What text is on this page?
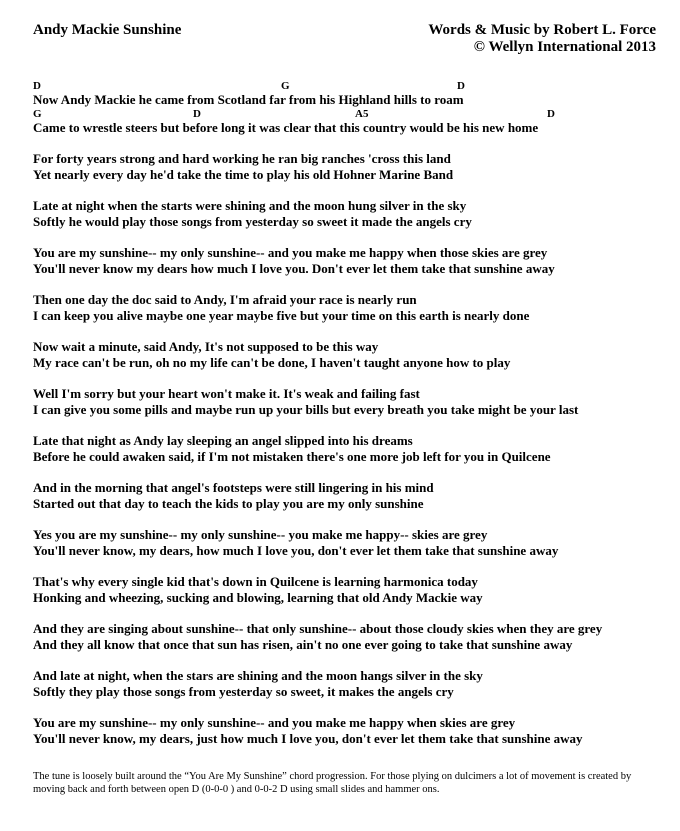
Andy Mackie Sunshine	Words & Music by Robert L. Force
© Wellyn International 2013
D	G	D
Now Andy Mackie he came from Scotland far from his Highland hills to roam
G	D	A5	D
Came to wrestle steers but before long it was clear that this country would be his new home
For forty years strong and hard working he ran big ranches 'cross this land
Yet nearly every day he'd take the time to play his old Hohner Marine Band
Late at night when the starts were shining and the moon hung silver in the sky
Softly he would play those songs from yesterday so sweet it made the angels cry
You are my sunshine-- my only sunshine-- and you make me happy when those skies are grey
You'll never know my dears how much I love you. Don't ever let them take that sunshine away
Then one day the doc said to Andy, I'm afraid your race is nearly run
I can keep you alive maybe one year maybe five but your time on this earth is nearly done
Now wait a minute, said Andy, It's not supposed to be this way
My race can't be run, oh no my life can't be done, I haven't taught anyone how to play
Well I'm sorry but your heart won't make it. It's weak and failing fast
I can give you some pills and maybe run up your bills but every breath you take might be your last
Late that night as Andy lay sleeping an angel slipped into his dreams
Before he could awaken said, if I'm not mistaken there's one more job left for you in Quilcene
And in the morning that angel's footsteps were still lingering in his mind
Started out that day to teach the kids to play you are my only sunshine
Yes you are my sunshine-- my only sunshine-- you make me happy-- skies are grey
You'll never know, my dears, how much I love you, don't ever let them take that sunshine away
That's why every single kid that's down in Quilcene is learning harmonica today
Honking and wheezing, sucking and blowing, learning that old Andy Mackie way
And they are singing about sunshine-- that only sunshine-- about those cloudy skies when they are grey
And they all know that once that sun has risen, ain't no one ever going to take that sunshine away
And late at night, when the stars are shining and the moon hangs silver in the sky
Softly they play those songs from yesterday so sweet, it makes the angels cry
You are my sunshine-- my only sunshine-- and you make me happy when skies are grey
You'll never know, my dears, just how much I love you, don't ever let them take that sunshine away
The tune is loosely built around the “You Are My Sunshine” chord progression. For those plying on dulcimers a lot of movement is created by moving back and forth between open D (0-0-0 ) and 0-0-2 D using small slides and hammer ons.
